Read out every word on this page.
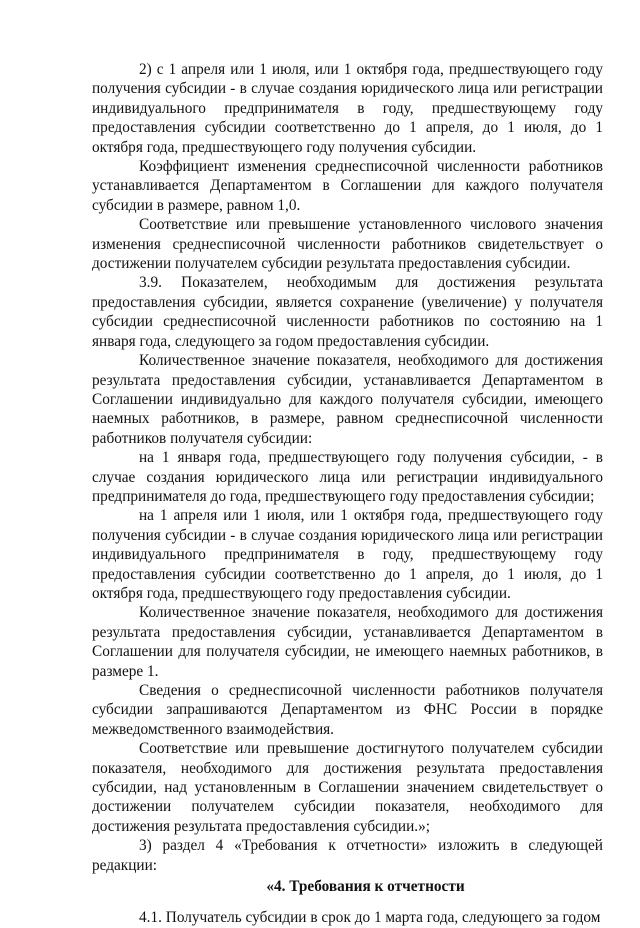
2) с 1 апреля или 1 июля, или 1 октября года, предшествующего году получения субсидии - в случае создания юридического лица или регистрации индивидуального предпринимателя в году, предшествующему году предоставления субсидии соответственно до 1 апреля, до 1 июля, до 1 октября года, предшествующего году получения субсидии.

Коэффициент изменения среднесписочной численности работников устанавливается Департаментом в Соглашении для каждого получателя субсидии в размере, равном 1,0.

Соответствие или превышение установленного числового значения изменения среднесписочной численности работников свидетельствует о достижении получателем субсидии результата предоставления субсидии.

3.9. Показателем, необходимым для достижения результата предоставления субсидии, является сохранение (увеличение) у получателя субсидии среднесписочной численности работников по состоянию на 1 января года, следующего за годом предоставления субсидии.

Количественное значение показателя, необходимого для достижения результата предоставления субсидии, устанавливается Департаментом в Соглашении индивидуально для каждого получателя субсидии, имеющего наемных работников, в размере, равном среднесписочной численности работников получателя субсидии:

на 1 января года, предшествующего году получения субсидии, - в случае создания юридического лица или регистрации индивидуального предпринимателя до года, предшествующего году предоставления субсидии;

на 1 апреля или 1 июля, или 1 октября года, предшествующего году получения субсидии - в случае создания юридического лица или регистрации индивидуального предпринимателя в году, предшествующему году предоставления субсидии соответственно до 1 апреля, до 1 июля, до 1 октября года, предшествующего году предоставления субсидии.

Количественное значение показателя, необходимого для достижения результата предоставления субсидии, устанавливается Департаментом в Соглашении для получателя субсидии, не имеющего наемных работников, в размере 1.

Сведения о среднесписочной численности работников получателя субсидии запрашиваются Департаментом из ФНС России в порядке межведомственного взаимодействия.

Соответствие или превышение достигнутого получателем субсидии показателя, необходимого для достижения результата предоставления субсидии, над установленным в Соглашении значением свидетельствует о достижении получателем субсидии показателя, необходимого для достижения результата предоставления субсидии.»;

3) раздел 4 «Требования к отчетности» изложить в следующей редакции:

«4. Требования к отчетности

4.1. Получатель субсидии в срок до 1 марта года, следующего за годом
